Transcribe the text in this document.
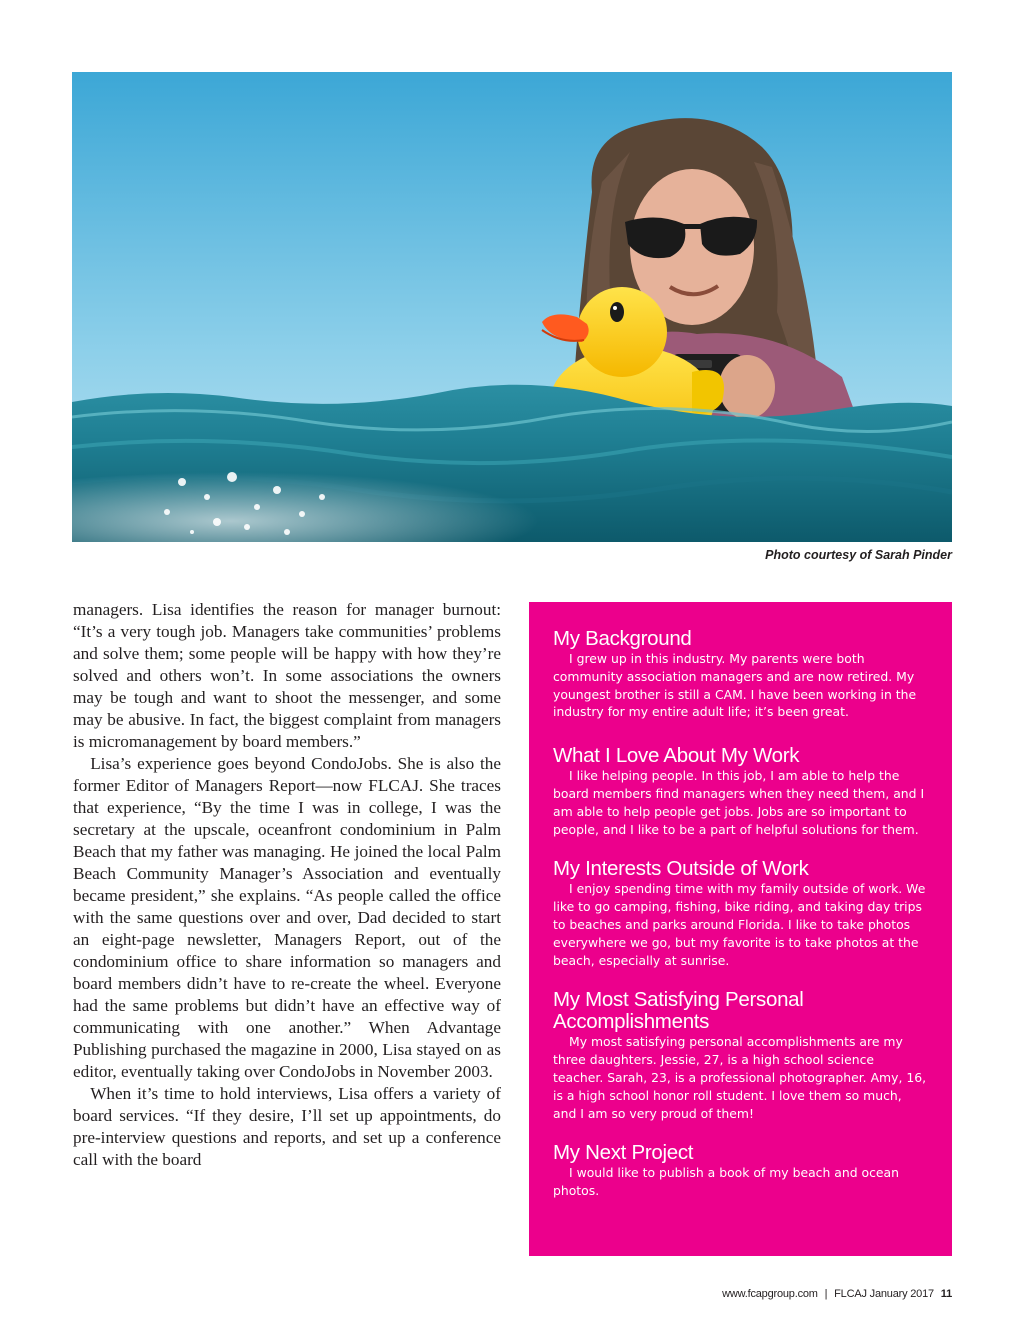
Photo courtesy of Sarah Pinder

managers. Lisa identifies the reason for manager burnout: “It’s a very tough job. Managers take communities’ problems and solve them; some people will be happy with how they’re solved and others won’t. In some associations the owners may be tough and want to shoot the messenger, and some may be abusive. In fact, the biggest complaint from managers is micromanagement by board members.”

 Lisa’s experience goes beyond CondoJobs. She is also the former Editor of Managers Report—now FLCAJ. She traces that experience, “By the time I was in college, I was the secretary at the upscale, oceanfront condominium in Palm Beach that my father was managing. He joined the local Palm Beach Community Manager’s Association and eventually became president,” she explains. “As people called the office with the same questions over and over, Dad decided to start an eight-page newsletter, Managers Report, out of the condominium office to share information so managers and board members didn’t have to re-create the wheel. Everyone had the same problems but didn’t have an effective way of communicating with one another.” When Advantage Publishing purchased the magazine in 2000, Lisa stayed on as editor, eventually taking over CondoJobs in November 2003.

 When it’s time to hold interviews, Lisa offers a variety of board services. “If they desire, I’ll set up appointments, do pre-interview questions and reports, and set up a conference call with the board

My Background

I grew up in this industry. My parents were both community association managers and are now retired. My youngest brother is still a CAM. I have been working in the industry for my entire adult life; it’s been great.

What I Love About My Work

I like helping people. In this job, I am able to help the board members find managers when they need them, and I am able to help people get jobs. Jobs are so important to people, and I like to be a part of helpful solutions for them.

My Interests Outside of Work

I enjoy spending time with my family outside of work. We like to go camping, fishing, bike riding, and taking day trips to beaches and parks around Florida. I like to take photos everywhere we go, but my favorite is to take photos at the beach, especially at sunrise.

My Most Satisfying Personal Accomplishments

My most satisfying personal accomplishments are my three daughters. Jessie, 27, is a high school science teacher. Sarah, 23, is a professional photographer. Amy, 16, is a high school honor roll student. I love them so much, and I am so very proud of them!

My Next Project

I would like to publish a book of my beach and ocean photos.

www.fcapgroup.com | FLCAJ January 2017 11
